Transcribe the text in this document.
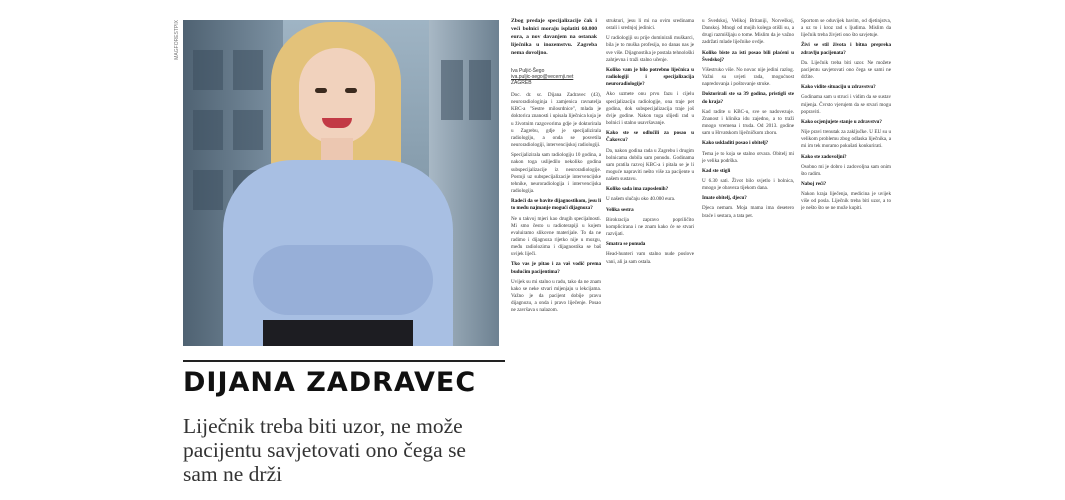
MAGFORESTPIX	Zbog predaje specijalizacije čak i veći bolnici moraju isplatiti 60.000 eura, a nov davanjem na ostanak liječnika u inozemstvu. Zagreba nema dovoljno.
Iva Puljić-Šego
iva.puljic-sego@vecernji.net
ZAGREB

Doc. dr. sc. Dijana Zadravec (43), neuroradiologinja i zamjenica ravnatelja KBC-a "Sestre milosrdnice", mlada je doktorica znanosti i upisala liječnica koja je u životnim razgovorima gdje je doktorirala u Zagrebu, gdje je specijalizirala radiologiju, a onda se posvetila neuroradiologiji, intervencijskoj radiologiji.

Specijalizirala sam radiologiju 10 godina, a nakon toga uslijedilo nekoliko godina subspecijalizacije iz neuroradiologije. Postoji uz subspecijalizacije intervencijske tehnike, neuroradiologija i intervencijska radiologija.

Radeći da se bavite dijagnostikom, jesu li to među najmanje mogući dijagnoza?

Ne u takvoj mjeri kao drugih specijalnosti. Mi smo često u radioterapiji u kojem evaluiramo slikovne materijale. To da ne radimo i dijagnoza rijetko nije u mozgu, među radiolozima i dijagnostika se baš uvijek liječi.

Tko vas je pitao i za vaš vodič prema budućim pacijentima?

Uvijek su mi stalno u radu, tako da ne znam kako se neke stvari mijenjaju u lekcijama. Važno je da pacijent dobije pravu dijagnozu, a onda i pravo liječenje. Posao ne završava s nalazom.

strukturi, jesu li mi na ovim sredinama ostali i srednjoj jedinici.

U radiologiji su prije dominirali muškarci, bila je to muška profesija, no danas nas je sve više. Dijagnostika je postala tehnološki zahtjevna i traži stalno učenje.

Koliko vam je bilo potrebno liječnica u radiologiji i specijalizacija neuroradiologije?

Ako uzmete onu prvu fazu i cijelu specijalizaciju radiologije, ona traje pet godina, dok subspecijalizacija traje još dvije godine. Nakon toga slijedi rad u bolnici i stalno usavršavanje.

Kako ste se odlučili za posao u Čakovcu?

Da, nakon godina rada u Zagrebu i drugim bolnicama dobila sam ponudu. Godinama sam pratila razvoj KBC-a i pitala se je li moguće napraviti nešto više za pacijente u našem sustavu.

Koliko sada ima zaposlenih?

U našem slučaju oko 40.000 eura.

Velika sestra

Birokracija zapravo popriličito komplicirana i ne znam kako će se stvari razvijati.

Smatra se ponuda

Head-hunteri vam stalno nude poslove vani, ali ja sam ostala.

u Švedskoj, Velikoj Britaniji, Norveškoj, Danskoj. Mnogi od mojih kolega otišli su, a drugi razmišljaju o tome. Mislim da je važno zadržati mlade liječnike ovdje.

Koliko biste za isti posao bili plaćeni u Švedskoj?

Višestruko više. No novac nije jedini razlog. Važni su uvjeti rada, mogućnost napredovanja i poštovanje struke.

Doktorirali ste sa 39 godina, pristigli ste do kraja?

Kad radite u KBC-u, sve se nadovezuje. Znanost i klinika idu zajedno, a to traži mnogo vremena i truda. Od 2013. godine sam u Hrvatskom liječničkom zboru.

Kako uskladiti posao i obitelj?

Tema je to koja se stalno otvara. Obitelj mi je velika podrška.

Kad ste stigli

U 6.30 sati. Život bilo svjetlo i bolnica, mnogo je obaveza tijekom dana.

Imate obitelj, djecu?

Djeca nemam. Moja mama ima desetero braće i sestara, a tata pet.

Sportom se oduvijek bavim, od djetinjstva, a uz to i kroz rad s ljudima. Mislim da liječnik treba živjeti ono što savjetuje.

Živi se stil života i bitna prepreka zdravlju pacijenata?

Da. Liječnik treba biti uzor. Ne možete pacijentu savjetovati ono čega se sami ne držite.

Kako vidite situaciju u zdravstvu?

Godinama sam u struci i vidim da se sustav mijenja. Čvrsto vjerujem da se stvari mogu popraviti.

Kako ocjenjujete stanje u zdravstvu?

Nije pravi trenutak za zaključke. U EU su u velikom problemu zbog odlaska liječnika, a mi im tek moramo pokušati konkurirati.

Kako ste zadovoljni?

Osobno mi je dobro i zadovoljna sam onim što radim.

Naboj reći?

Nakon kraja liječenja, medicina je uvijek više od posla. Liječnik treba biti uzor, a to je nešto što se ne može kupiti.

DIJANA ZADRAVEC
Liječnik treba biti uzor, ne može pacijentu savjetovati ono čega se sam ne drži
